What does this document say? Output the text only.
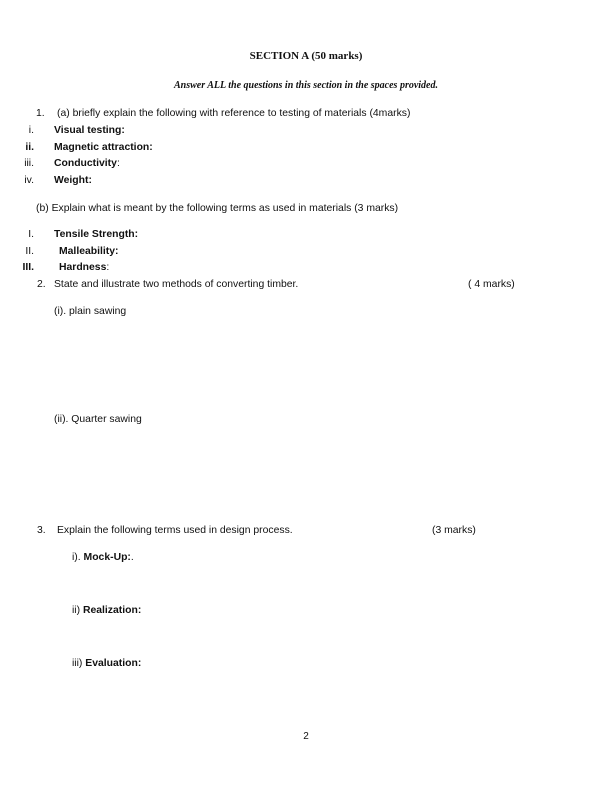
SECTION A (50 marks)
Answer ALL the questions in this section in the spaces provided.
1. (a) briefly explain the following with reference to testing of materials (4marks)
i. Visual testing:
ii. Magnetic attraction:
iii. Conductivity:
iv. Weight:
(b) Explain what is meant by the following terms as used in materials (3 marks)
I. Tensile Strength:
II. Malleability:
III. Hardness:
2. State and illustrate two methods of converting timber.	( 4 marks)
(i). plain sawing
(ii). Quarter sawing
3. Explain the following terms used in design process.	(3 marks)
i). Mock-Up:.
ii) Realization:
iii) Evaluation:
2
